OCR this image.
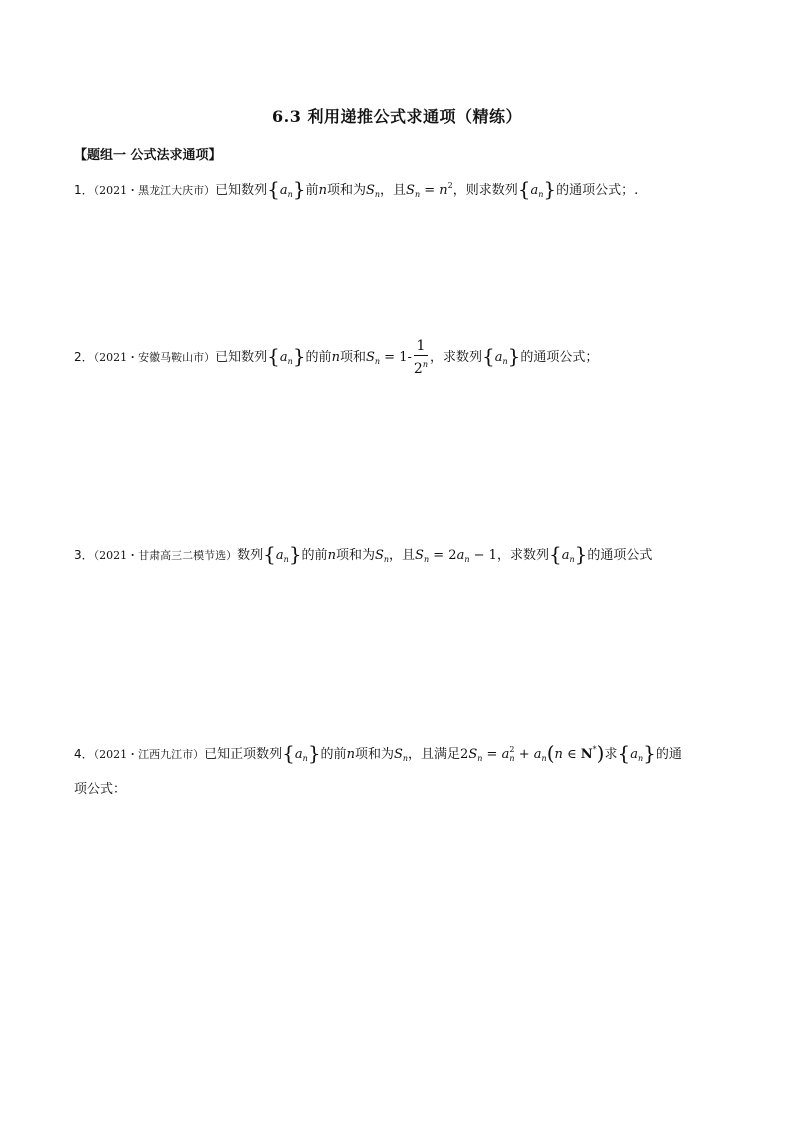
6.3 利用递推公式求通项（精练）
【题组一 公式法求通项】
1．（2021・黑龙江大庆市）已知数列$\{a_n\}$前n项和为$S_n$，且$S_n = n^2$，则求数列$\{a_n\}$的通项公式；.
2．（2021・安徽马鞍山市）已知数列$\{a_n\}$的前n项和$S_n = 1- \frac{1}{2^n}$ ，求数列$\{a_n\}$的通项公式；
3．（2021・甘肃高三二模节选）数列$\{a_n\}$的前n项和为$S_n$，且$S_n = 2a_n - 1$，求数列$\{a_n\}$的通项公式
4．（2021・江西九江市）已知正项数列$\{a_n\}$的前n项和为$S_n$，且满足$2S_n = a^2_n + a_n(n$ ∈ N*)求$\{a_n\}$的通
项公式：
